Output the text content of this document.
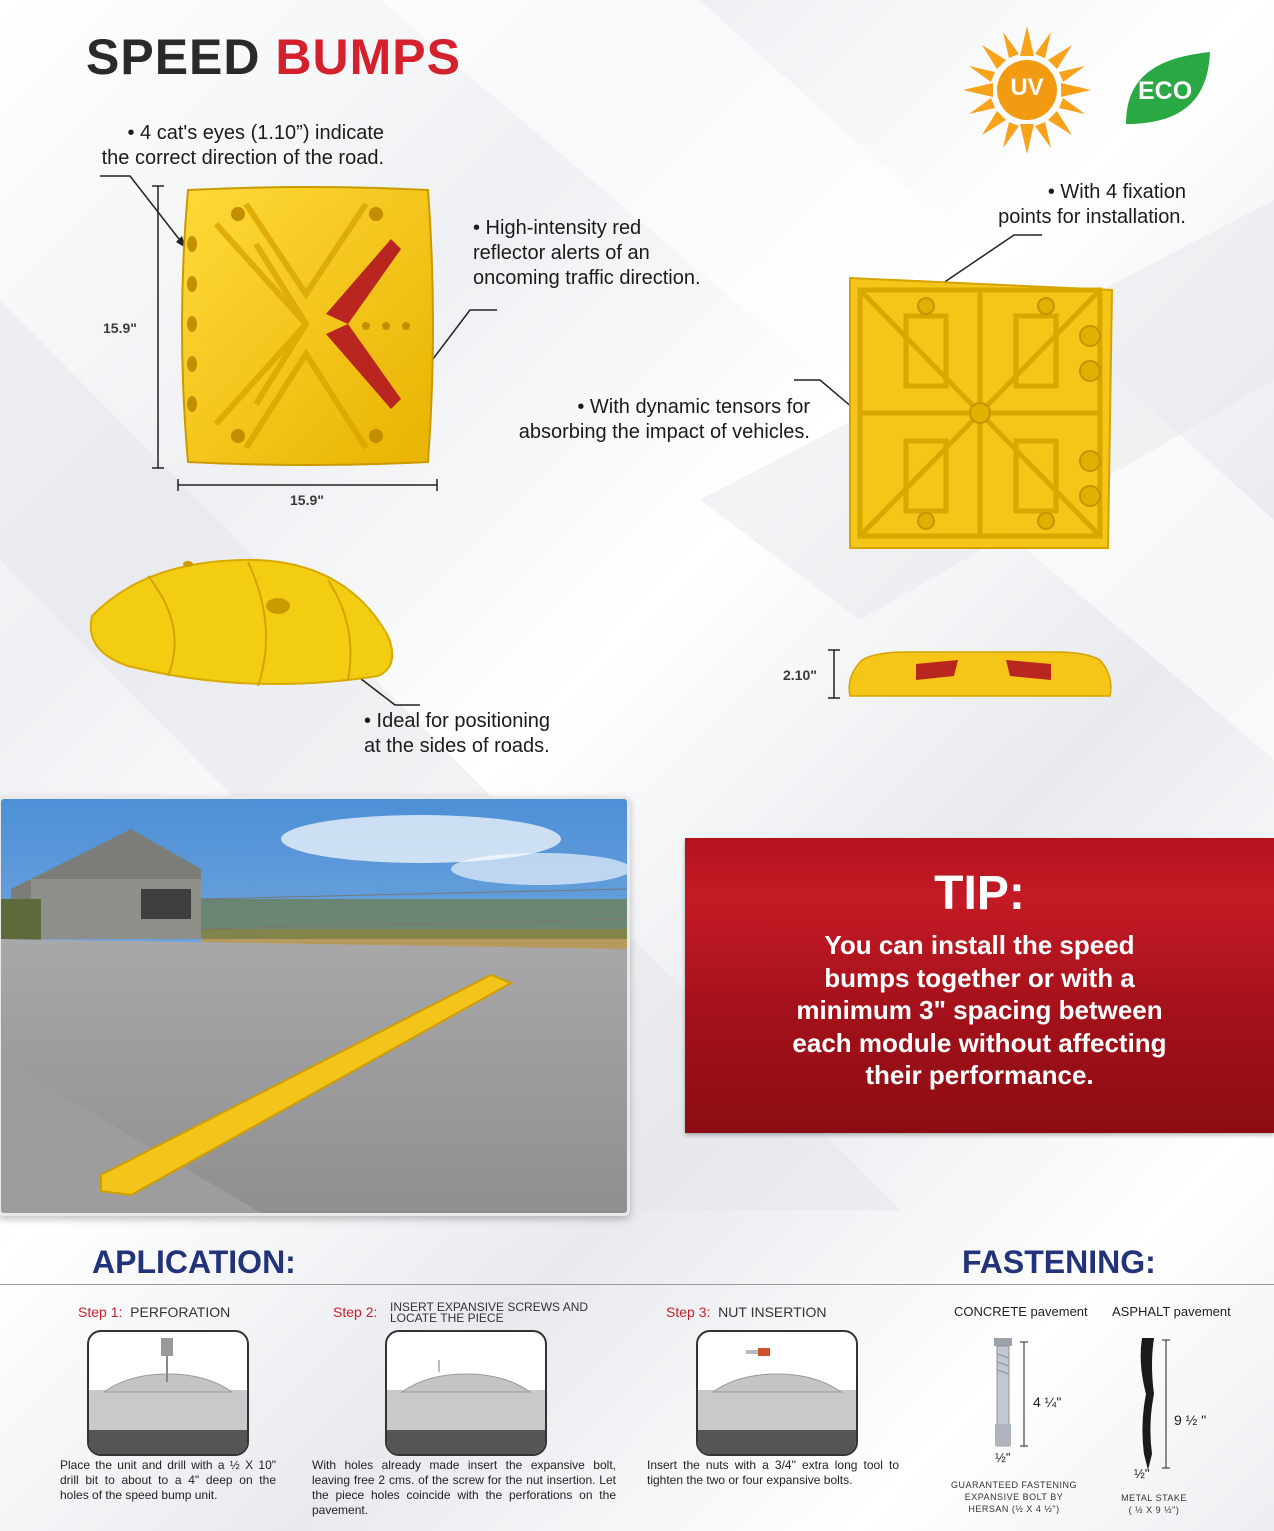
SPEED BUMPS
UV	ECO
• 4 cat's eyes (1.10”) indicate
the correct direction of the road.
• High-intensity red
reflector alerts of an
oncoming traffic direction.
• With 4 fixation
points for installation.
• With dynamic tensors for
absorbing the impact of vehicles.
• Ideal for positioning
at the sides of roads.
15.9"
15.9"
2.10"
TIP:
You can install the speed bumps together or with a minimum 3" spacing between each module without affecting their performance.
APLICATION:	FASTENING:
Step 1: PERFORATION
Place the unit and drill with a ½ X 10" drill bit to about to a 4" deep on the holes of the speed bump unit.
Step 2: INSERT EXPANSIVE SCREWS AND LOCATE THE PIECE
With holes already made insert the expansive bolt, leaving free 2 cms. of the screw for the nut insertion. Let the piece holes coincide with the perforations on the pavement.
Step 3: NUT INSERTION
Insert the nuts with a 3/4" extra long tool to tighten the two or four expansive bolts.
CONCRETE pavement ASPHALT pavement
4 ¼"
½"
GUARANTEED FASTENING
EXPANSIVE BOLT BY
HERSAN (½ X 4 ½")
9 ½ "
½"
METAL STAKE
( ½ X 9 ½")
